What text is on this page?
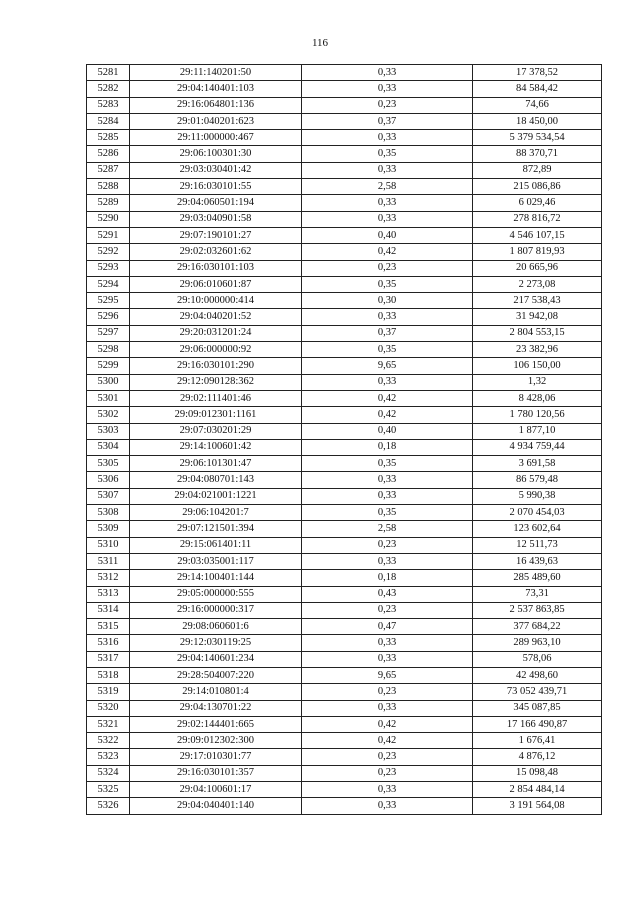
116
5281	29:11:140201:50	0,33	17 378,52
5282	29:04:140401:103	0,33	84 584,42
5283	29:16:064801:136	0,23	74,66
5284	29:01:040201:623	0,37	18 450,00
5285	29:11:000000:467	0,33	5 379 534,54
5286	29:06:100301:30	0,35	88 370,71
5287	29:03:030401:42	0,33	872,89
5288	29:16:030101:55	2,58	215 086,86
5289	29:04:060501:194	0,33	6 029,46
5290	29:03:040901:58	0,33	278 816,72
5291	29:07:190101:27	0,40	4 546 107,15
5292	29:02:032601:62	0,42	1 807 819,93
5293	29:16:030101:103	0,23	20 665,96
5294	29:06:010601:87	0,35	2 273,08
5295	29:10:000000:414	0,30	217 538,43
5296	29:04:040201:52	0,33	31 942,08
5297	29:20:031201:24	0,37	2 804 553,15
5298	29:06:000000:92	0,35	23 382,96
5299	29:16:030101:290	9,65	106 150,00
5300	29:12:090128:362	0,33	1,32
5301	29:02:111401:46	0,42	8 428,06
5302	29:09:012301:1161	0,42	1 780 120,56
5303	29:07:030201:29	0,40	1 877,10
5304	29:14:100601:42	0,18	4 934 759,44
5305	29:06:101301:47	0,35	3 691,58
5306	29:04:080701:143	0,33	86 579,48
5307	29:04:021001:1221	0,33	5 990,38
5308	29:06:104201:7	0,35	2 070 454,03
5309	29:07:121501:394	2,58	123 602,64
5310	29:15:061401:11	0,23	12 511,73
5311	29:03:035001:117	0,33	16 439,63
5312	29:14:100401:144	0,18	285 489,60
5313	29:05:000000:555	0,43	73,31
5314	29:16:000000:317	0,23	2 537 863,85
5315	29:08:060601:6	0,47	377 684,22
5316	29:12:030119:25	0,33	289 963,10
5317	29:04:140601:234	0,33	578,06
5318	29:28:504007:220	9,65	42 498,60
5319	29:14:010801:4	0,23	73 052 439,71
5320	29:04:130701:22	0,33	345 087,85
5321	29:02:144401:665	0,42	17 166 490,87
5322	29:09:012302:300	0,42	1 676,41
5323	29:17:010301:77	0,23	4 876,12
5324	29:16:030101:357	0,23	15 098,48
5325	29:04:100601:17	0,33	2 854 484,14
5326	29:04:040401:140	0,33	3 191 564,08
